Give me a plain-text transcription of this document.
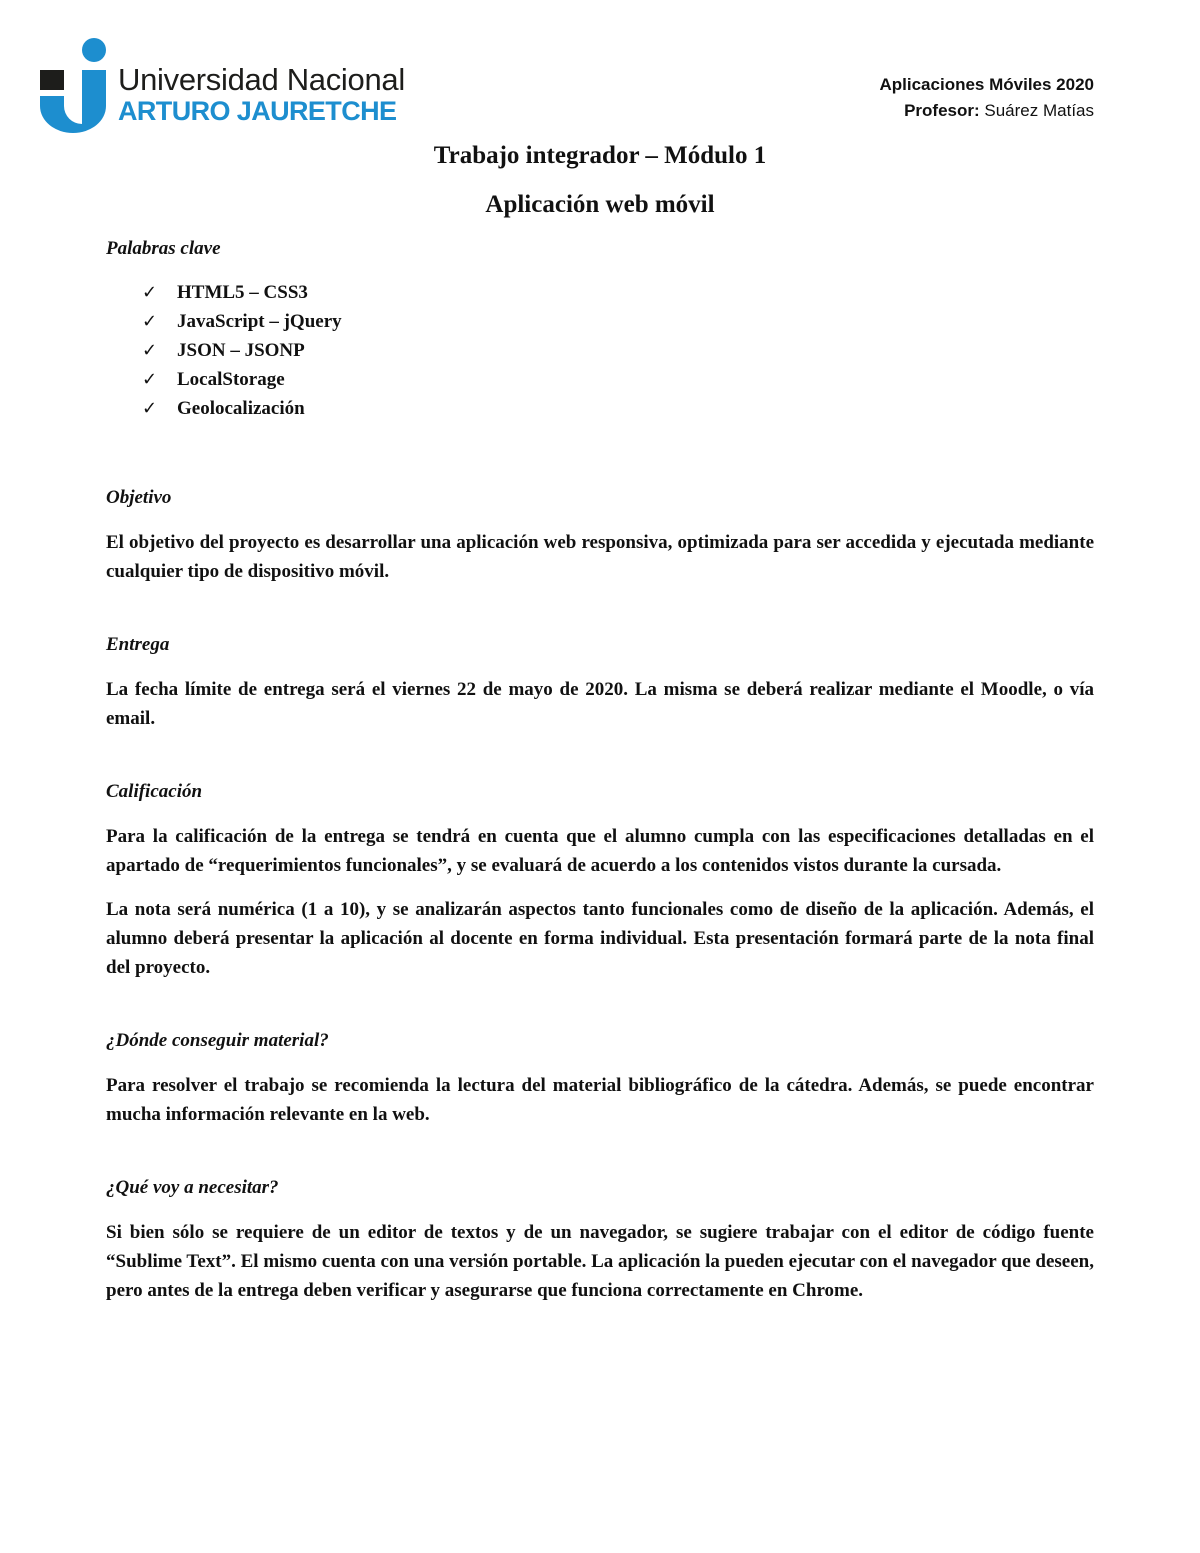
Universidad Nacional
ARTURO JAURETCHE
Aplicaciones Móviles 2020
Profesor: Suárez Matías
Trabajo integrador – Módulo 1
Aplicación web móvil

Palabras clave

✓	HTML5 – CSS3
✓	JavaScript – jQuery
✓	JSON – JSONP
✓	LocalStorage
✓	Geolocalización

Objetivo

El objetivo del proyecto es desarrollar una aplicación web responsiva, optimizada para ser accedida y ejecutada mediante cualquier tipo de dispositivo móvil.

Entrega

La fecha límite de entrega será el viernes 22 de mayo de 2020. La misma se deberá realizar mediante el Moodle, o vía email.

Calificación

Para la calificación de la entrega se tendrá en cuenta que el alumno cumpla con las especificaciones detalladas en el apartado de “requerimientos funcionales”, y se evaluará de acuerdo a los contenidos vistos durante la cursada.

La nota será numérica (1 a 10), y se analizarán aspectos tanto funcionales como de diseño de la aplicación. Además, el alumno deberá presentar la aplicación al docente en forma individual. Esta presentación formará parte de la nota final del proyecto.

¿Dónde conseguir material?

Para resolver el trabajo se recomienda la lectura del material bibliográfico de la cátedra. Además, se puede encontrar mucha información relevante en la web.

¿Qué voy a necesitar?

Si bien sólo se requiere de un editor de textos y de un navegador, se sugiere trabajar con el editor de código fuente “Sublime Text”. El mismo cuenta con una versión portable. La aplicación la pueden ejecutar con el navegador que deseen, pero antes de la entrega deben verificar y asegurarse que funciona correctamente en Chrome.
